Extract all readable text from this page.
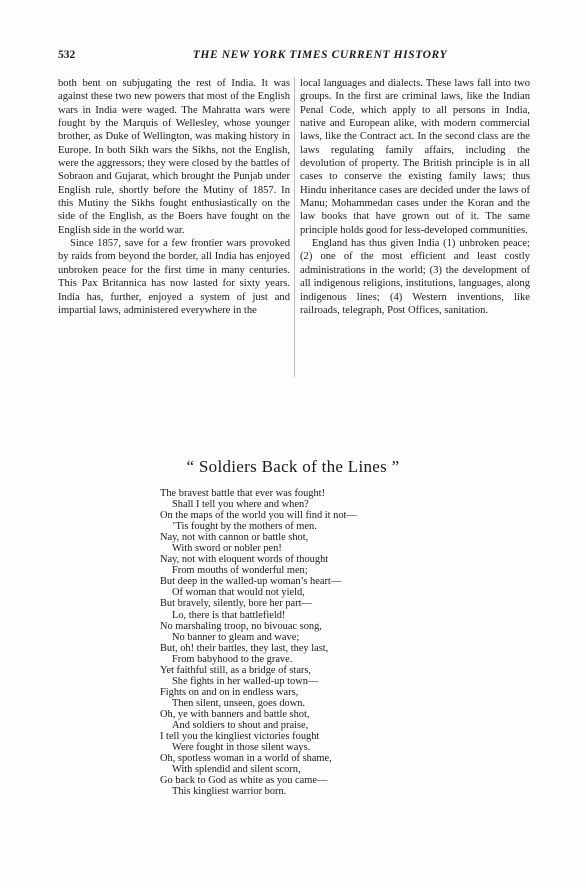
532	THE NEW YORK TIMES CURRENT HISTORY

both bent on subjugating the rest of India. It was against these two new powers that most of the English wars in India were waged. The Mahratta wars were fought by the Marquis of Wellesley, whose younger brother, as Duke of Wellington, was making history in Europe. In both Sikh wars the Sikhs, not the English, were the aggressors; they were closed by the battles of Sobraon and Gujarat, which brought the Punjab under English rule, shortly before the Mutiny of 1857. In this Mutiny the Sikhs fought enthusiastically on the side of the English, as the Boers have fought on the English side in the world war.

Since 1857, save for a few frontier wars provoked by raids from beyond the border, all India has enjoyed unbroken peace for the first time in many centuries. This Pax Britannica has now lasted for sixty years. India has, further, enjoyed a system of just and impartial laws, administered everywhere in the

local languages and dialects. These laws fall into two groups. In the first are criminal laws, like the Indian Penal Code, which apply to all persons in India, native and European alike, with modern commercial laws, like the Contract act. In the second class are the laws regulating family affairs, including the devolution of property. The British principle is in all cases to conserve the existing family laws; thus Hindu inheritance cases are decided under the laws of Manu; Mohammedan cases under the Koran and the law books that have grown out of it. The same principle holds good for less-developed communities.

England has thus given India (1) unbroken peace; (2) one of the most efficient and least costly administrations in the world; (3) the development of all indigenous religions, institutions, languages, along indigenous lines; (4) Western inventions, like railroads, telegraph, Post Offices, sanitation.

“ Soldiers Back of the Lines ”
The bravest battle that ever was fought!
Shall I tell you where and when?
On the maps of the world you will find it not—
’Tis fought by the mothers of men.
Nay, not with cannon or battle shot,
With sword or nobler pen!
Nay, not with eloquent words of thought
From mouths of wonderful men;
But deep in the walled-up woman’s heart—
Of woman that would not yield,
But bravely, silently, bore her part—
Lo, there is that battlefield!
No marshaling troop, no bivouac song,
No banner to gleam and wave;
But, oh! their battles, they last, they last,
From babyhood to the grave.
Yet faithful still, as a bridge of stars,
She fights in her walled-up town—
Fights on and on in endless wars,
Then silent, unseen, goes down.
Oh, ye with banners and battle shot,
And soldiers to shout and praise,
I tell you the kingliest victories fought
Were fought in those silent ways.
Oh, spotless woman in a world of shame,
With splendid and silent scorn,
Go back to God as white as you came—
This kingliest warrior born.
